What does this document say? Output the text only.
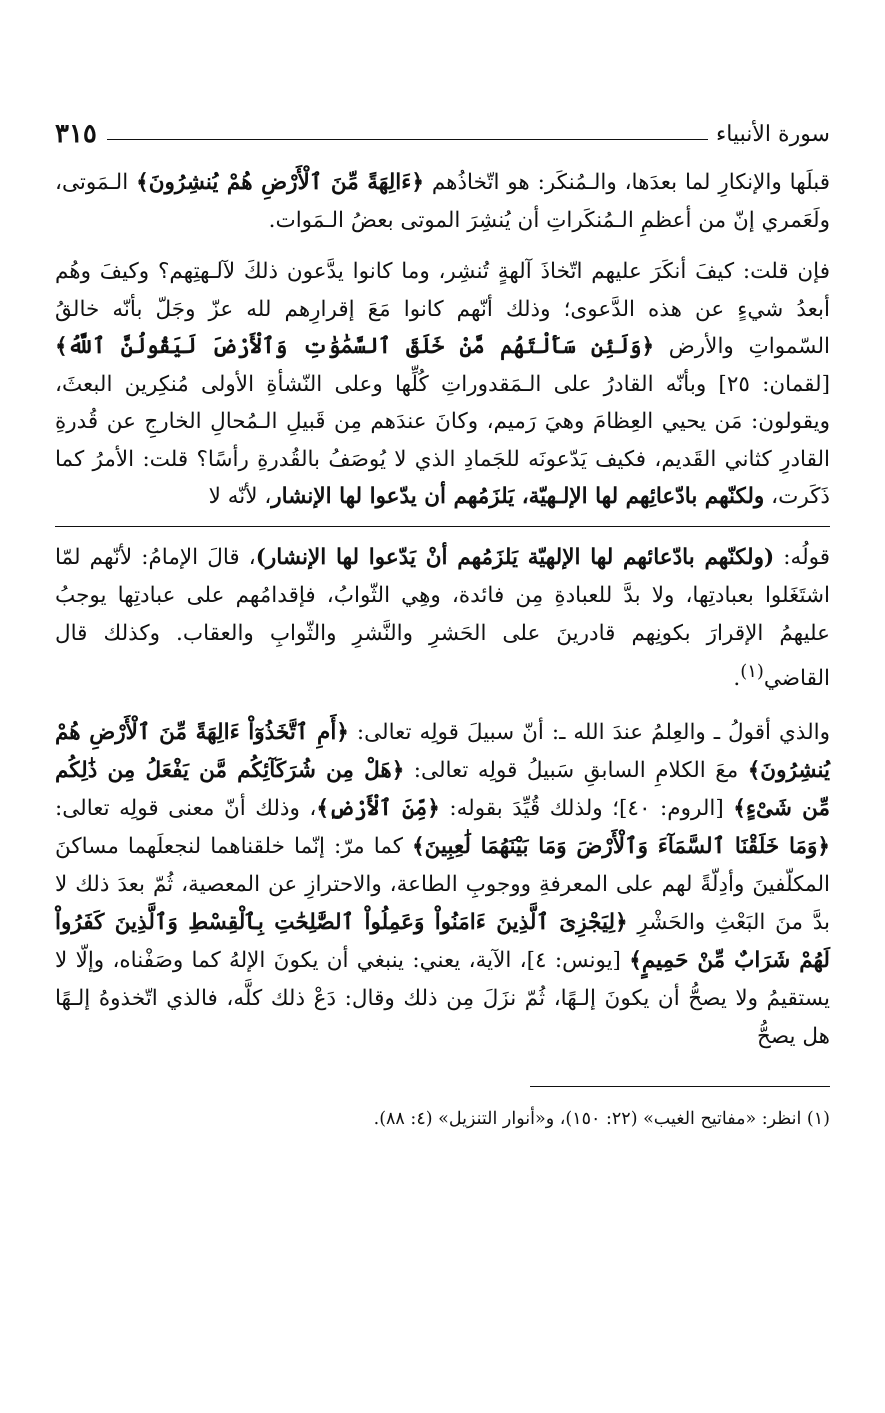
سورة الأنبياء
٣١٥

قبلَها والإنكارِ لما بعدَها، والـمُنكَر: هو اتّخاذُهم ﴿ءَالِهَةً مِّنَ ٱلْأَرْضِ هُمْ يُنشِرُونَ﴾ الـمَوتى، ولَعَمري إنّ من أعظمِ الـمُنكَراتِ أن يُنشِرَ الموتى بعضُ الـمَوات.

فإن قلت: كيفَ أنكَرَ عليهم اتّخاذَ آلهةٍ تُنشِر، وما كانوا يدَّعون ذلكَ لآلـهتِهم؟ وكيفَ وهُم أبعدُ شيءٍ عن هذه الدَّعوى؛ وذلك أنّهم كانوا مَعَ إقرارِهم لله عزّ وجَلّ بأنّه خالقُ السّمواتِ والأرض ﴿وَلَئِن سَأَلْتَهُم مَّنْ خَلَقَ ٱلسَّمَٰوَٰتِ وَٱلْأَرْضَ لَيَقُولُنَّ ٱللَّهُ﴾ [لقمان: ٢٥] وبأنّه القادرُ على الـمَقدوراتِ كُلِّها وعلى النّشأةِ الأولى مُنكِرين البعثَ، ويقولون: مَن يحيي العِظامَ وهيَ رَميم، وكانَ عندَهم مِن قَبيلِ الـمُحالِ الخارجِ عن قُدرةِ القادرِ كثاني القَديم، فكيف يَدّعونَه للجَمادِ الذي لا يُوصَفُ بالقُدرةِ رأسًا؟ قلت: الأمرُ كما ذَكَرت، ولكنّهم بادّعائِهم لها الإلـهيّة، يَلزَمُهم أن يدّعوا لها الإنشار، لأنّه لا

قولُه: (ولكنّهم بادّعائهم لها الإلهيّة يَلزَمُهم أنْ يَدّعوا لها الإنشار)، قالَ الإمامُ: لأنّهم لمّا اشتَغَلوا بعبادتِها، ولا بدَّ للعبادةِ مِن فائدة، وهِي الثّوابُ، فإقدامُهم على عبادتِها يوجبُ عليهمُ الإقرارَ بكونِهم قادرينَ على الحَشرِ والنَّشرِ والثّوابِ والعقاب. وكذلك قال القاضي$^{(١)}$.

والذي أقولُ ـ والعِلمُ عندَ الله ـ: أنّ سبيلَ قولِه تعالى: ﴿أَمِ ٱتَّخَذُوٓاْ ءَالِهَةً مِّنَ ٱلْأَرْضِ هُمْ يُنشِرُونَ﴾ معَ الكلامِ السابقِ سَبيلُ قولِه تعالى: ﴿هَلْ مِن شُرَكَآئِكُم مَّن يَفْعَلُ مِن ذَٰلِكُم مِّن شَىْءٍ﴾ [الروم: ٤٠]؛ ولذلك قُيِّدَ بقوله: ﴿مِّنَ ٱلْأَرْضِ﴾، وذلك أنّ معنى قولِه تعالى: ﴿وَمَا خَلَقْنَا ٱلسَّمَآءَ وَٱلْأَرْضَ وَمَا بَيْنَهُمَا لَٰعِبِينَ﴾ كما مرّ: إنّما خلقناهما لنجعلَهما مساكنَ المكلّفينَ وأدِلّةً لهم على المعرفةِ ووجوبِ الطاعة، والاحترازِ عن المعصية، ثُمّ بعدَ ذلك لا بدَّ منَ البَعْثِ والحَشْرِ ﴿لِيَجْزِىَ ٱلَّذِينَ ءَامَنُواْ وَعَمِلُواْ ٱلصَّٰلِحَٰتِ بِٱلْقِسْطِ وَٱلَّذِينَ كَفَرُواْ لَهُمْ شَرَابٌ مِّنْ حَمِيمٍ﴾ [يونس: ٤]، الآية، يعني: ينبغي أن يكونَ الإلهُ كما وصَفْناه، وإلّا لا يستقيمُ ولا يصحُّ أن يكونَ إلـهًا، ثُمّ نزَلَ مِن ذلك وقال: دَعْ ذلك كلَّه، فالذي اتّخذوهُ إلـهًا هل يصحُّ

(١) انظر: «مفاتيح الغيب» (٢٢: ١٥٠)، و«أنوار التنزيل» (٤: ٨٨).
